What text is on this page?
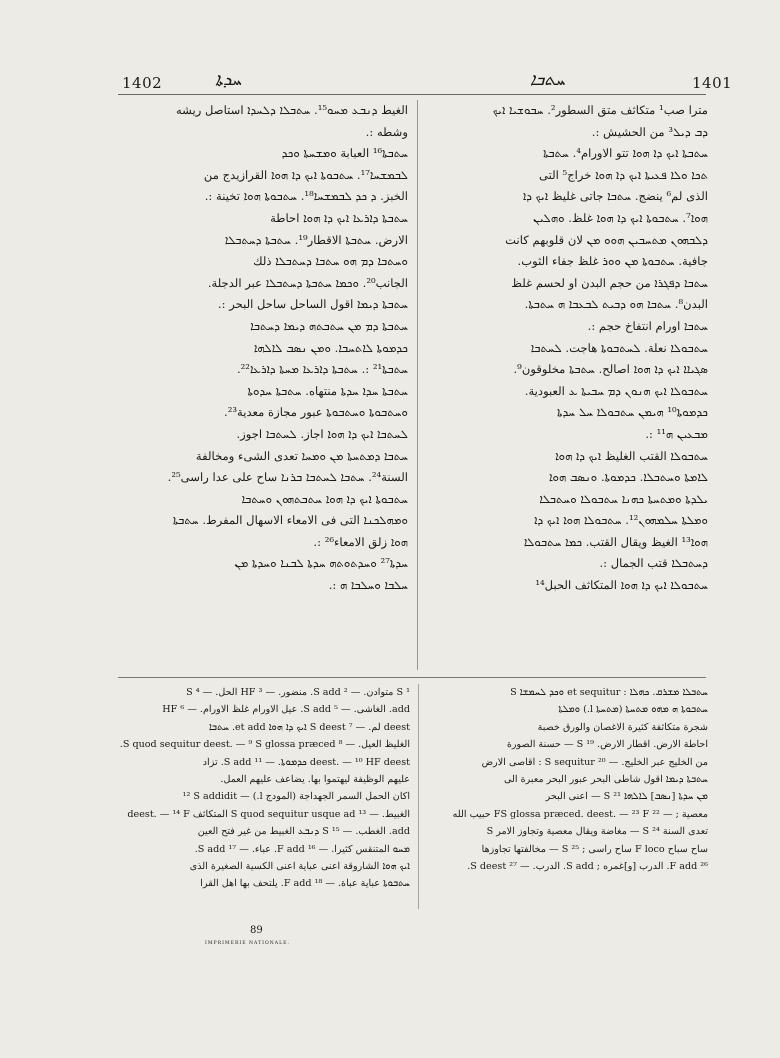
1402	ܚܕܬܐ	ܚܬܒܐ	1401
الغيط ܕܢܒܥ ܡܚܘ¹⁵. ܚܬܒܠܐ ܕܠܚܕܐ استاصل ريشه
وشطه :.
ܚܬܒܬܐ¹⁶ العبابة ܘܡܫܚܬܐ ܘܟܕ
ܠܒܡܫܚܐ¹⁷. ܚܬܒܘܬܐ ܐܝܟ ܕܐ ܗܘܐ القرازيدج من
الخبز. ܕ ܟܕ ܠܒܡܫܚܐ¹⁸. ܚܬܒܘܬܐ ܗܘܐ تخينة :.
ܚܬܒܬܐ ܕܐܪܥܐ ܐܝܟ ܕܐ ܗܘܐ احاطة
الارض. ܚܬܒܬܐ الاقطار¹⁹. ܚܬܒܬܐ ܕܚܬܒܠܐ
ܘܚܬܒܐ ܕܡ ܗܘ ܚܬܒܐ ܕܚܬܒܠܐ ذلك
الجانب²⁰. ܘܟܡܐ ܚܬܒܬܐ ܕܚܬܒܠܐ عبر الدجلة.
ܚܬܒܬܐ ܕܝܡܐ اقول الساحل ساحل البحر :.
ܚܬܒܬܐ ܕܡ ܡܢ ܚܬܒܬܗ ܕܝܡܐ ܕܚܬܒܐ
ܟܕܡܘܬܐ ܠܐܬܚܒܐ. ܘܡܢ ܢܣܒ ܠܐܠܗܐ
ܚܬܒܬܐ²¹ :. ܚܬܒܬܐ ܕܐܪܥܐ ܡܚܬܐ ܕܐܪܥܐ²².
ܚܬܒܬܐ ܚܕܐ ܚܕܬܐ منتهاه. ܚܬܒܬܐ ܚܕܘܬܐ
ܘܚܬܒܘܬܐ ܘܚܬܒܘܬܐ عبور مجازة معدية²³.
ܠܚܬܒܐ ܐܝܟ ܕܐ ܗܘܐ اجاز. ܠܚܬܒܐ اجوز.
ܚܬܒܐ ܕܡܬܚܬܐ ܡܢ ܘܡܚܐ تعدى الشىء ومخالفة
السنة²⁴. ܚܬܒܐ ܠܚܬܒܐ ܒܪܢܐ ساح على عدا راسى²⁵.
ܚܬܒܘܬܐ ܐܝܟ ܕܐ ܗܘܐ ܚܬܒܬܗܘܢ ܘܚܬܒܐ
ܘܡܗܠܟܢܐ التى فى الامعاء الاسهال المفرط. ܚܬܒܬܐ
ܗܘܐ زلق الامعاء²⁶ :.
ܚܕܬܐ²⁷ ܘܚܕܬܘܬܗ ܚܕܬܐ ܠܒܢܐ ܘܚܕܬܐ ܡܢ
ܚܠܒܐ ܘܚܠܒܐ ܗ :.
مترا صب¹ متكاثف متق السطور². ܚܒܘܫܝܐ ܐܝܟ
ܕܒ ܕܝܠ³ من الحشيش :.
ܚܬܒܬܐ ܐܝܟ ܕܐ ܗܘܐ تتو الاورام⁴. ܚܬܒܬܐ
ܬܟܐ ܘܠܐ ܦܥܝܬܐ ܐܝܟ ܕܐ ܗܘܐ خراج⁵ التى
الذى لم⁶ ينضج. ܚܬܒܐ جاتى غليظ ܐܝܟ ܕܐ
ܗܘܐ⁷. ܚܬܒܘܬܐ ܐܝܟ ܕܐ ܗܘܐ غلظ. ܘܗܠܝܢ
ܕܠܒܗܘܢ ܡܬܚܒܝܢ ܗܘܘ ܡܢ لان قلوبهم كانت
جافية. ܚܬܒܘܬܐ ܡܢ ܘܘܪ غلظ جفاء الثوب.
ܚܬܒܐ ܕܦܓܪܐ من حجم البدن او لحسم غلظ
البدن⁸. ܚܬܒܐ ܗܘ ܕܒܝܬ ܠܒܥܒܐ ܗ ܚܬܒܬܐ.
ܚܬܒܐ اورام انتفاخ حجم :.
ܚܬܒܘܠܐ نعلة. ܠܚܬܒܘܬܐ هاجت. ܠܚܬܒܐ
ܣܓܝܐܐ ܐܝܟ ܕܐ ܗܘܐ اصالح. ܚܬܒܬܐ مخلوقون⁹.
ܚܬܒܘܠܐ ܐܝܟ ܗܢܘܢ ܕܡ ܚܒܝܬܐ ܥ العبودية.
ܟܕܡܘܬܐ¹⁰ ܗܝܡܢ ܚܬܒܘܠܐ ܚܠ ܚܕܬܐ
ܡܒܥܝܢ ܗ¹¹ :.
ܚܬܒܘܠܐ القتب الغليظ ܐܝܟ ܕܐ ܗܘܐ
ܠܐܡܬܐ ܘܚܬܒܠܐ. ܟܕܡܘܬܐ. ܘܢܣܒ ܗܘܐ
ܝܠܕܬܐ ܘܡܬܚܬܐ ܟܗܢܐ ܚܬܒܘܠܐ ܘܚܬܒܠܐ
ܘܡܠܬܐ ܚܠܡܗܘܢ¹². ܚܬܒܘܠܐ ܗܘܐ ܐܝܟ ܕܐ
ܗܘܐ¹³ الغيظ ويقال القتب. ܟܡܐ ܚܬܒܘܠܐ
ܕܚܬܒܠܐ قتب الجمال :.
ܚܬܒܘܠܐ ܐܝܟ ܕܐ ܗܘܐ المتكاثف الحبل¹⁴
¹ S متوادن. — ² S add. منضور. — ³ HF الحل. — ⁴ S
add. الغاشى. — ⁵ S add. عيل الاورام غلظ الاورام. — ⁶ HF
deest لم. — ⁷ S deest ܐܝܟ ܕܐ ܗܘܐ et add. ܚܬܒܐ
الغليظ العيل. — ⁸ S quod sequitur deest. — ⁹ S glossa præced.
deest. — ¹⁰ HF deest ܟܕܡܘܬܐ. — ¹¹ S add. تزاد
عليهم الوظيفة ليهتموا بها. يضاعف عليهم العمل.
اكان الحمل السمر الجهداجة (المودج l.) — ¹² S addidit
الغبيط. — ¹³ S quod sequitur usque ad المتكاثف deest. — ¹⁴ F
add. الغطب. — ¹⁵ S ܕܢܒܥ الغبيط من غير فتح العين
ܡܚܘ المتنقس كثيرا. — ¹⁶ F add. عباء. — ¹⁷ S add.
ܐܝܟ ܗܘܐ الشاروقة اعنى عباية اعنى الكسية الصغيرة الذى
ܚܬܒܘܬܐ عباية عباة. — ¹⁸ F add. يلتحف بها اهل القرا
ܚܬܒܠܐ ܡܫܪܩ. ܟܗܠܐ : et sequitur ܘܟܕ ܠܚܡܫܐ S
ܚܬܒܘܬܐ ܗ ܡܗܘ ܡܬܚܬܐ (ܡܬܚܬܐ l.) ܘܡܠܬܐ
شجرة متكاثفة كثيرة الاغصان والورق خصبة
احاطة الارض. اقطار الارض. S ¹⁹ — حسنة الصورة
من الخليج عبر الخليج. — ²⁰ S sequitur : اقاصى الارض
ܚܬܒܬܐ ܕܝܡܐ اقول شاطى البحر عبور البحر معبرة الى
ܡܢ ܚܕܬܐ [ܢܣܒ] ܠܐܠܗܐ S ²¹ — اعنى البحر
معصية ; — ²² FS glossa præced. deest. — ²³ F حبيب الله
تعدى السنة S ²⁴ — مغاضة ويقال معصية وتجاوز الامر S
ساح سباح F loco ساح راسى ; ²⁵ S — مخالفتها تجاوزها
²⁶ F add. الدرب [و]غمره ; S add. الدرب. — ²⁷ S deest.
89
IMPRIMERIE NATIONALE.
